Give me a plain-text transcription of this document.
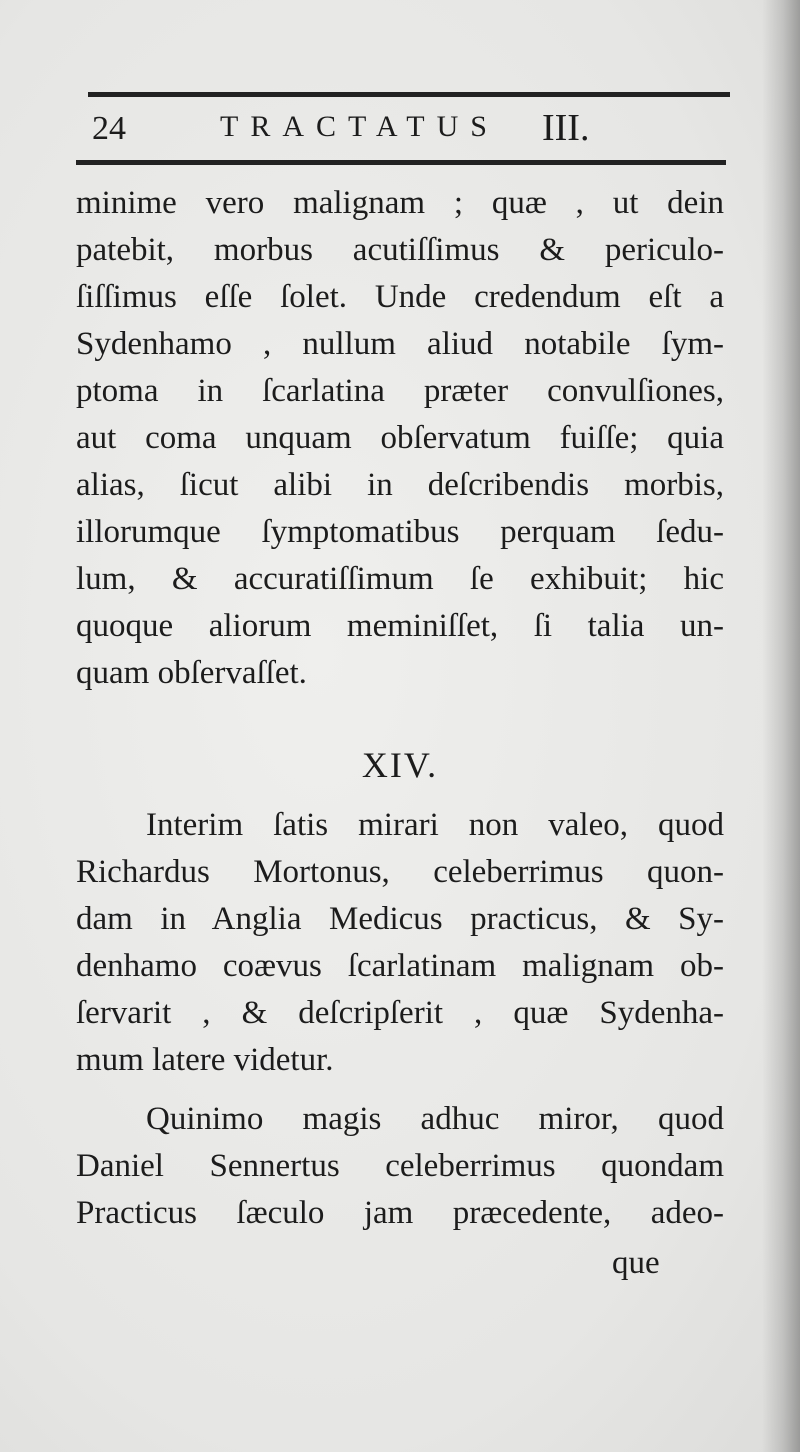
24	TRACTATUS III.
minime vero malignam ; quæ , ut dein
patebit, morbus acutiſſimus & periculo-
ſiſſimus eſſe ſolet. Unde credendum eſt a
Sydenhamo , nullum aliud notabile ſym-
ptoma in ſcarlatina præter convulſiones,
aut coma unquam obſervatum fuiſſe; quia
alias, ſicut alibi in deſcribendis morbis,
illorumque ſymptomatibus perquam ſedu-
lum, & accuratiſſimum ſe exhibuit; hic
quoque aliorum meminiſſet, ſi talia un-
quam obſervaſſet.
XIV.
Interim ſatis mirari non valeo, quod
Richardus Mortonus, celeberrimus quon-
dam in Anglia Medicus practicus, & Sy-
denhamo coævus ſcarlatinam malignam ob-
ſervarit , & deſcripſerit , quæ Sydenha-
mum latere videtur.
Quinimo magis adhuc miror, quod
Daniel Sennertus celeberrimus quondam
Practicus ſæculo jam præcedente, adeo-
que
